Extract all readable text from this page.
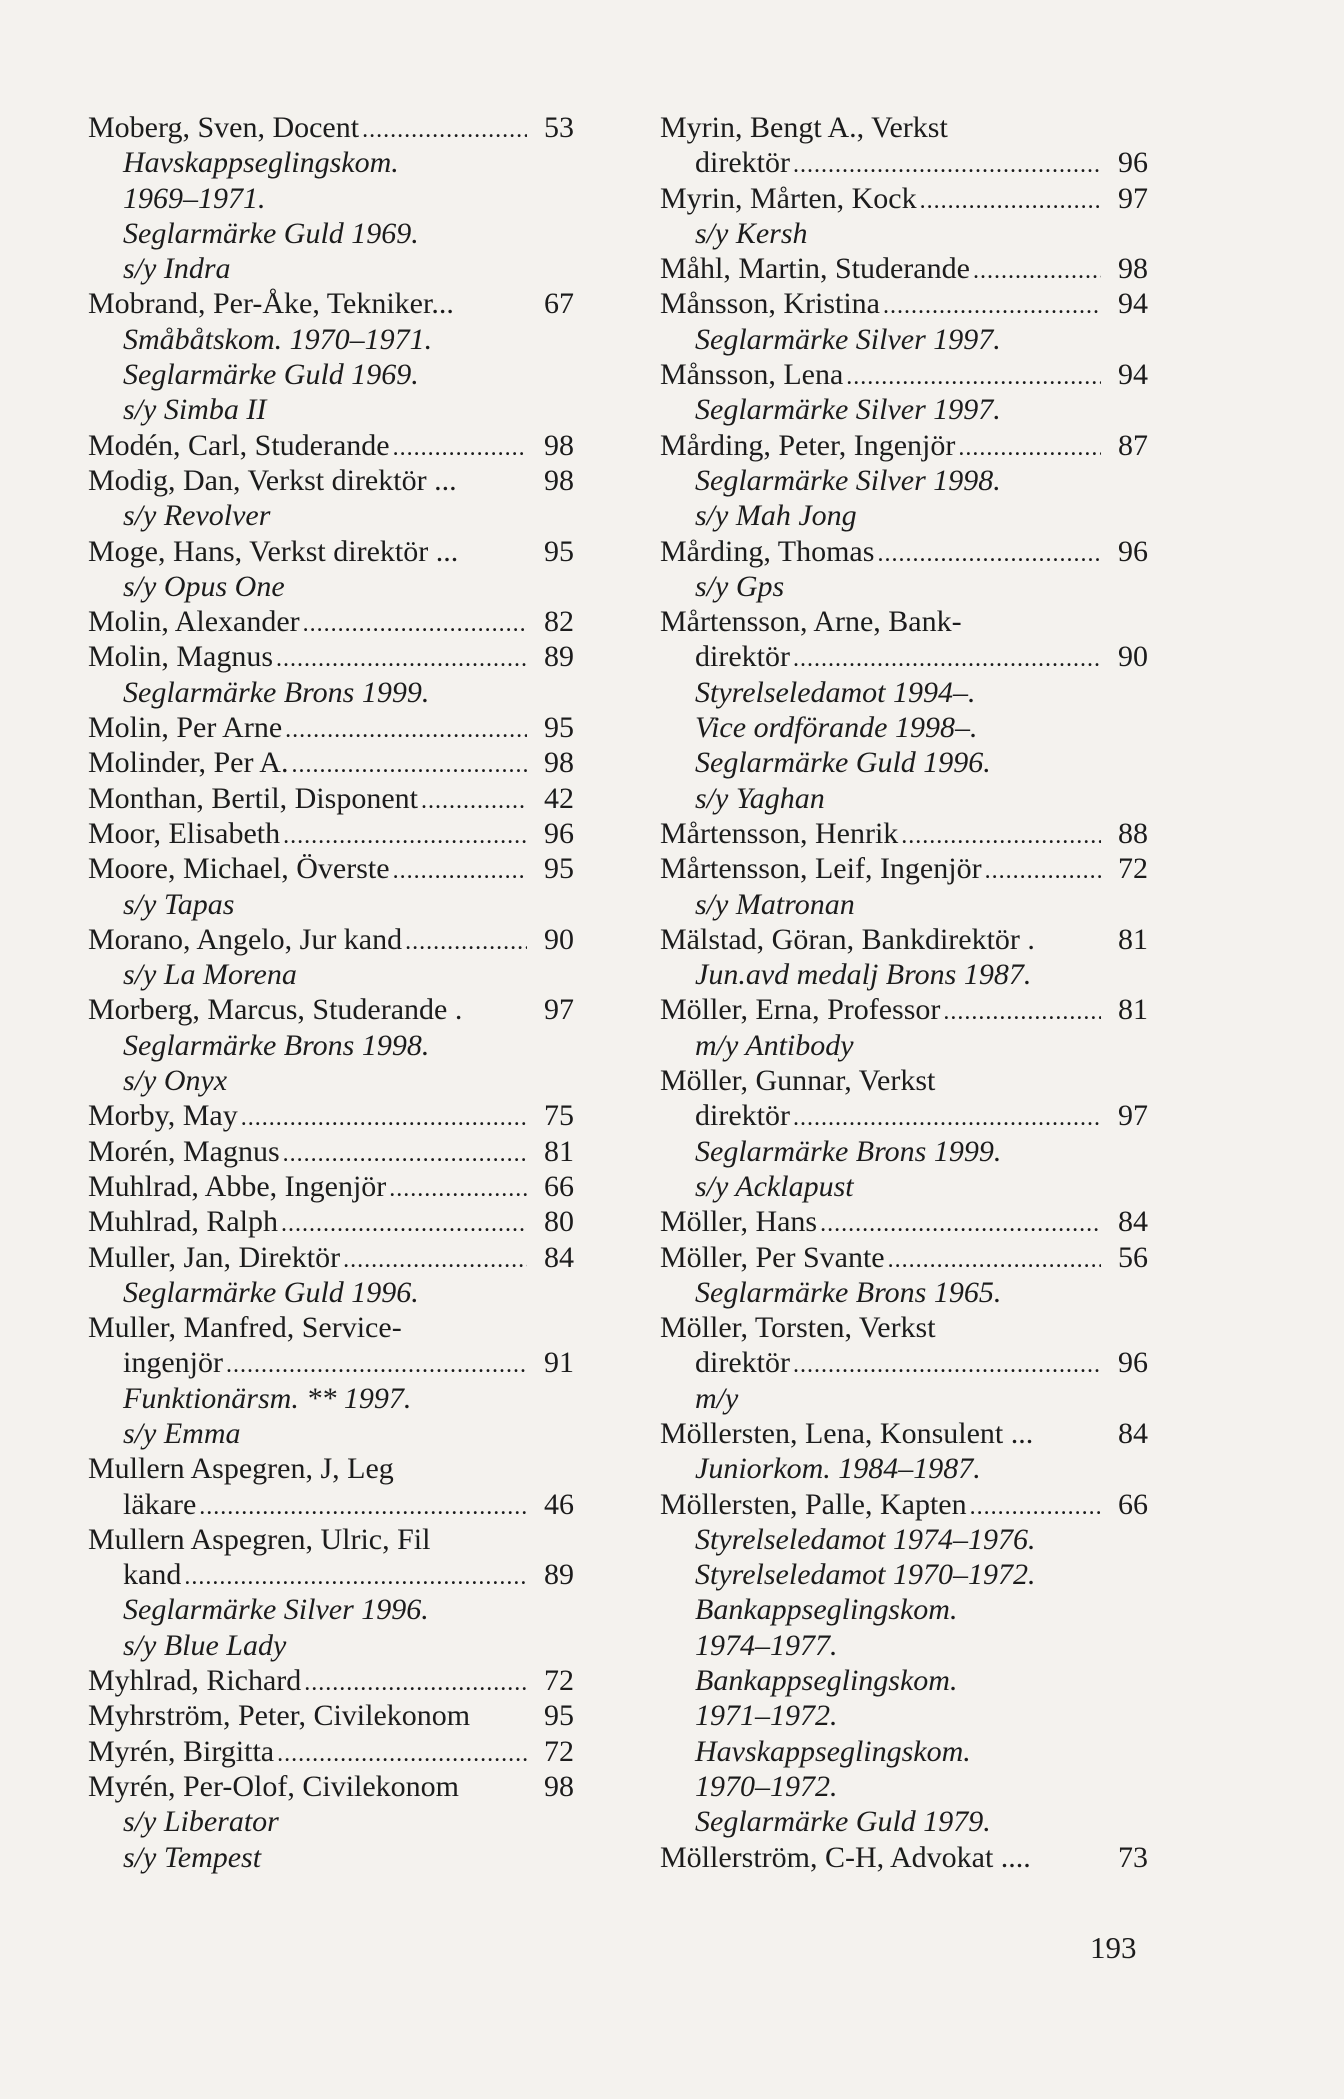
Moberg, Sven, Docent .....	53
Havskappseglingskom.
1969–1971.
Seglarmärke Guld 1969.
s/y Indra
Mobrand, Per-Åke, Tekniker...	67
Småbåtskom. 1970–1971.
Seglarmärke Guld 1969.
s/y Simba II
Modén, Carl, Studerande .....	98
Modig, Dan, Verkst direktör ...	98
s/y Revolver
Moge, Hans, Verkst direktör ...	95
s/y Opus One
Molin, Alexander .....	82
Molin, Magnus .....	89
Seglarmärke Brons 1999.
Molin, Per Arne .....	95
Molinder, Per A. .....	98
Monthan, Bertil, Disponent .....	42
Moor, Elisabeth .....	96
Moore, Michael, Överste .....	95
s/y Tapas
Morano, Angelo, Jur kand .....	90
s/y La Morena
Morberg, Marcus, Studerande .	97
Seglarmärke Brons 1998.
s/y Onyx
Morby, May .....	75
Morén, Magnus .....	81
Muhlrad, Abbe, Ingenjör .....	66
Muhlrad, Ralph .....	80
Muller, Jan, Direktör .....	84
Seglarmärke Guld 1996.
Muller, Manfred, Service-
ingenjör .....	91
Funktionärsm. ** 1997.
s/y Emma
Mullern Aspegren, J, Leg
läkare .....	46
Mullern Aspegren, Ulric, Fil
kand .....	89
Seglarmärke Silver 1996.
s/y Blue Lady
Myhlrad, Richard .....	72
Myhrström, Peter, Civilekonom	95
Myrén, Birgitta .....	72
Myrén, Per-Olof, Civilekonom	98
s/y Liberator
s/y Tempest
Myrin, Bengt A., Verkst
direktör .....	96
Myrin, Mårten, Kock .....	97
s/y Kersh
Måhl, Martin, Studerande .....	98
Månsson, Kristina .....	94
Seglarmärke Silver 1997.
Månsson, Lena .....	94
Seglarmärke Silver 1997.
Mårding, Peter, Ingenjör .....	87
Seglarmärke Silver 1998.
s/y Mah Jong
Mårding, Thomas .....	96
s/y Gps
Mårtensson, Arne, Bank-
direktör .....	90
Styrelseledamot 1994–.
Vice ordförande 1998–.
Seglarmärke Guld 1996.
s/y Yaghan
Mårtensson, Henrik .....	88
Mårtensson, Leif, Ingenjör .....	72
s/y Matronan
Mälstad, Göran, Bankdirektör .	81
Jun.avd medalj Brons 1987.
Möller, Erna, Professor .....	81
m/y Antibody
Möller, Gunnar, Verkst
direktör .....	97
Seglarmärke Brons 1999.
s/y Acklapust
Möller, Hans .....	84
Möller, Per Svante .....	56
Seglarmärke Brons 1965.
Möller, Torsten, Verkst
direktör .....	96
m/y
Möllersten, Lena, Konsulent ...	84
Juniorkom. 1984–1987.
Möllersten, Palle, Kapten .....	66
Styrelseledamot 1974–1976.
Styrelseledamot 1970–1972.
Bankappseglingskom.
1974–1977.
Bankappseglingskom.
1971–1972.
Havskappseglingskom.
1970–1972.
Seglarmärke Guld 1979.
Möllerström, C-H, Advokat ....	73
193
